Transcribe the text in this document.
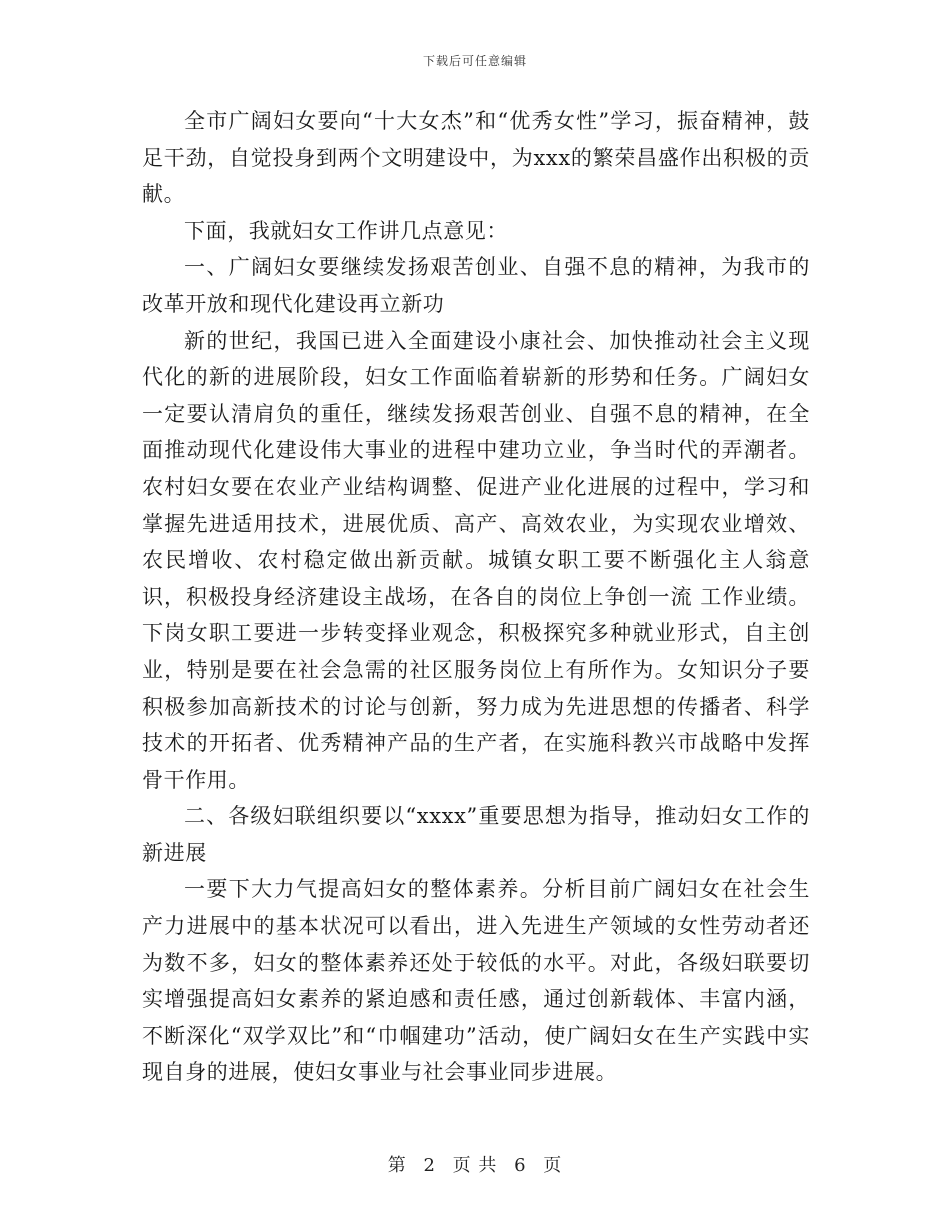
下载后可任意编辑

全市广阔妇女要向“十大女杰”和“优秀女性”学习，振奋精神，鼓足干劲，自觉投身到两个文明建设中，为xxx的繁荣昌盛作出积极的贡献。

下面，我就妇女工作讲几点意见：

一、广阔妇女要继续发扬艰苦创业、自强不息的精神，为我市的改革开放和现代化建设再立新功

新的世纪，我国已进入全面建设小康社会、加快推动社会主义现代化的新的进展阶段，妇女工作面临着崭新的形势和任务。广阔妇女一定要认清肩负的重任，继续发扬艰苦创业、自强不息的精神，在全面推动现代化建设伟大事业的进程中建功立业，争当时代的弄潮者。农村妇女要在农业产业结构调整、促进产业化进展的过程中，学习和掌握先进适用技术，进展优质、高产、高效农业，为实现农业增效、农民增收、农村稳定做出新贡献。城镇女职工要不断强化主人翁意识，积极投身经济建设主战场，在各自的岗位上争创一流 工作业绩。下岗女职工要进一步转变择业观念，积极探究多种就业形式，自主创业，特别是要在社会急需的社区服务岗位上有所作为。女知识分子要积极参加高新技术的讨论与创新，努力成为先进思想的传播者、科学技术的开拓者、优秀精神产品的生产者，在实施科教兴市战略中发挥骨干作用。

二、各级妇联组织要以“xxxx”重要思想为指导，推动妇女工作的新进展

一要下大力气提高妇女的整体素养。分析目前广阔妇女在社会生产力进展中的基本状况可以看出，进入先进生产领域的女性劳动者还为数不多，妇女的整体素养还处于较低的水平。对此，各级妇联要切实增强提高妇女素养的紧迫感和责任感，通过创新载体、丰富内涵，不断深化“双学双比”和“巾帼建功”活动，使广阔妇女在生产实践中实现自身的进展，使妇女事业与社会事业同步进展。

第 2 页 共 6 页
